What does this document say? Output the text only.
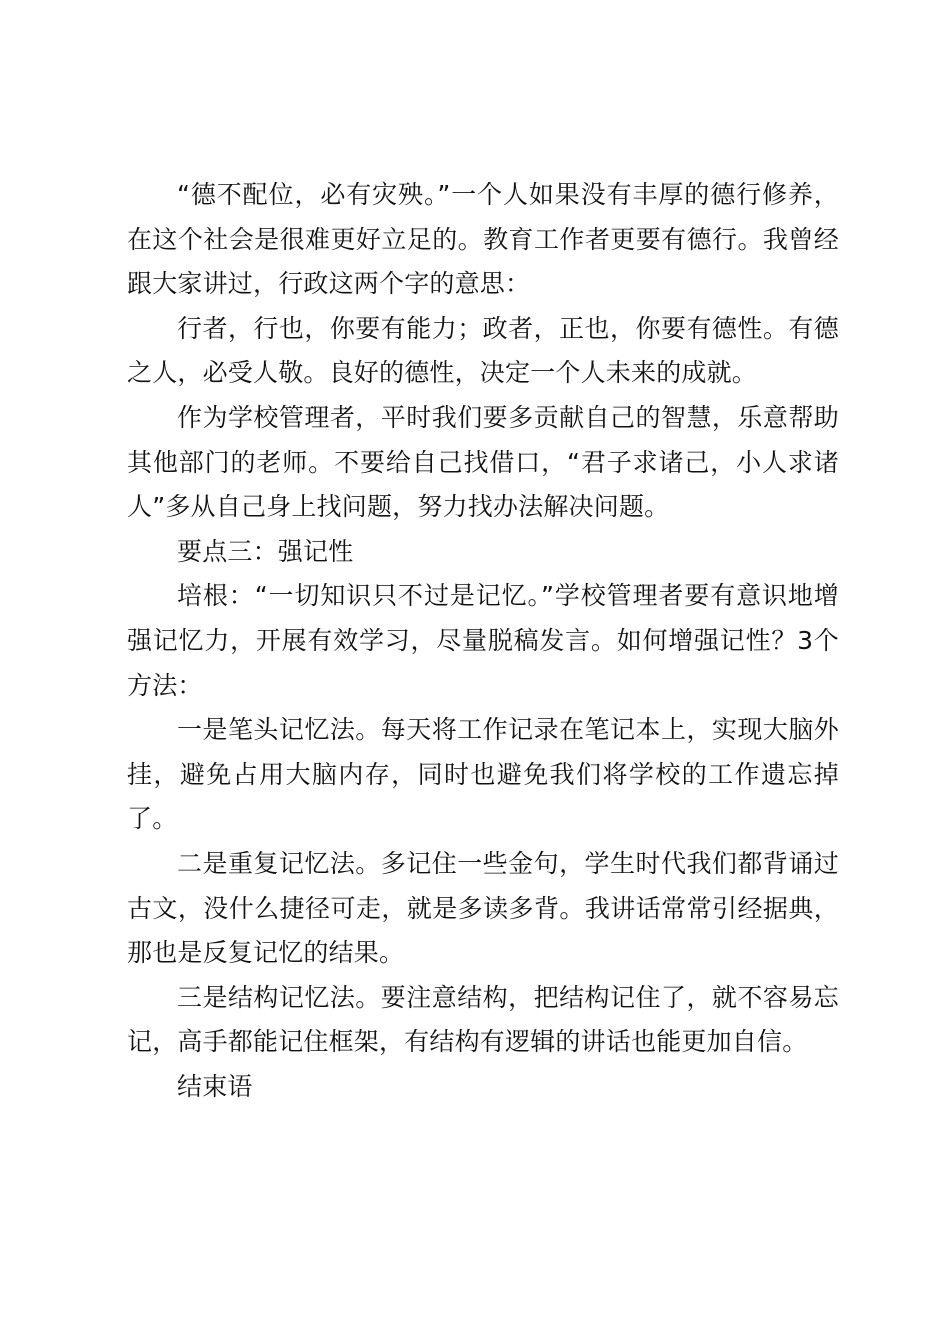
“德不配位，必有灾殃。”一个人如果没有丰厚的德行修养，在这个社会是很难更好立足的。教育工作者更要有德行。我曾经跟大家讲过，行政这两个字的意思：

行者，行也，你要有能力；政者，正也，你要有德性。有德之人，必受人敬。良好的德性，决定一个人未来的成就。

作为学校管理者，平时我们要多贡献自己的智慧，乐意帮助其他部门的老师。不要给自己找借口，“君子求诸己，小人求诸人”多从自己身上找问题，努力找办法解决问题。

要点三：强记性

培根：“一切知识只不过是记忆。”学校管理者要有意识地增强记忆力，开展有效学习，尽量脱稿发言。如何增强记性？3个方法：

一是笔头记忆法。每天将工作记录在笔记本上，实现大脑外挂，避免占用大脑内存，同时也避免我们将学校的工作遗忘掉了。

二是重复记忆法。多记住一些金句，学生时代我们都背诵过古文，没什么捷径可走，就是多读多背。我讲话常常引经据典，那也是反复记忆的结果。

三是结构记忆法。要注意结构，把结构记住了，就不容易忘记，高手都能记住框架，有结构有逻辑的讲话也能更加自信。

结束语
